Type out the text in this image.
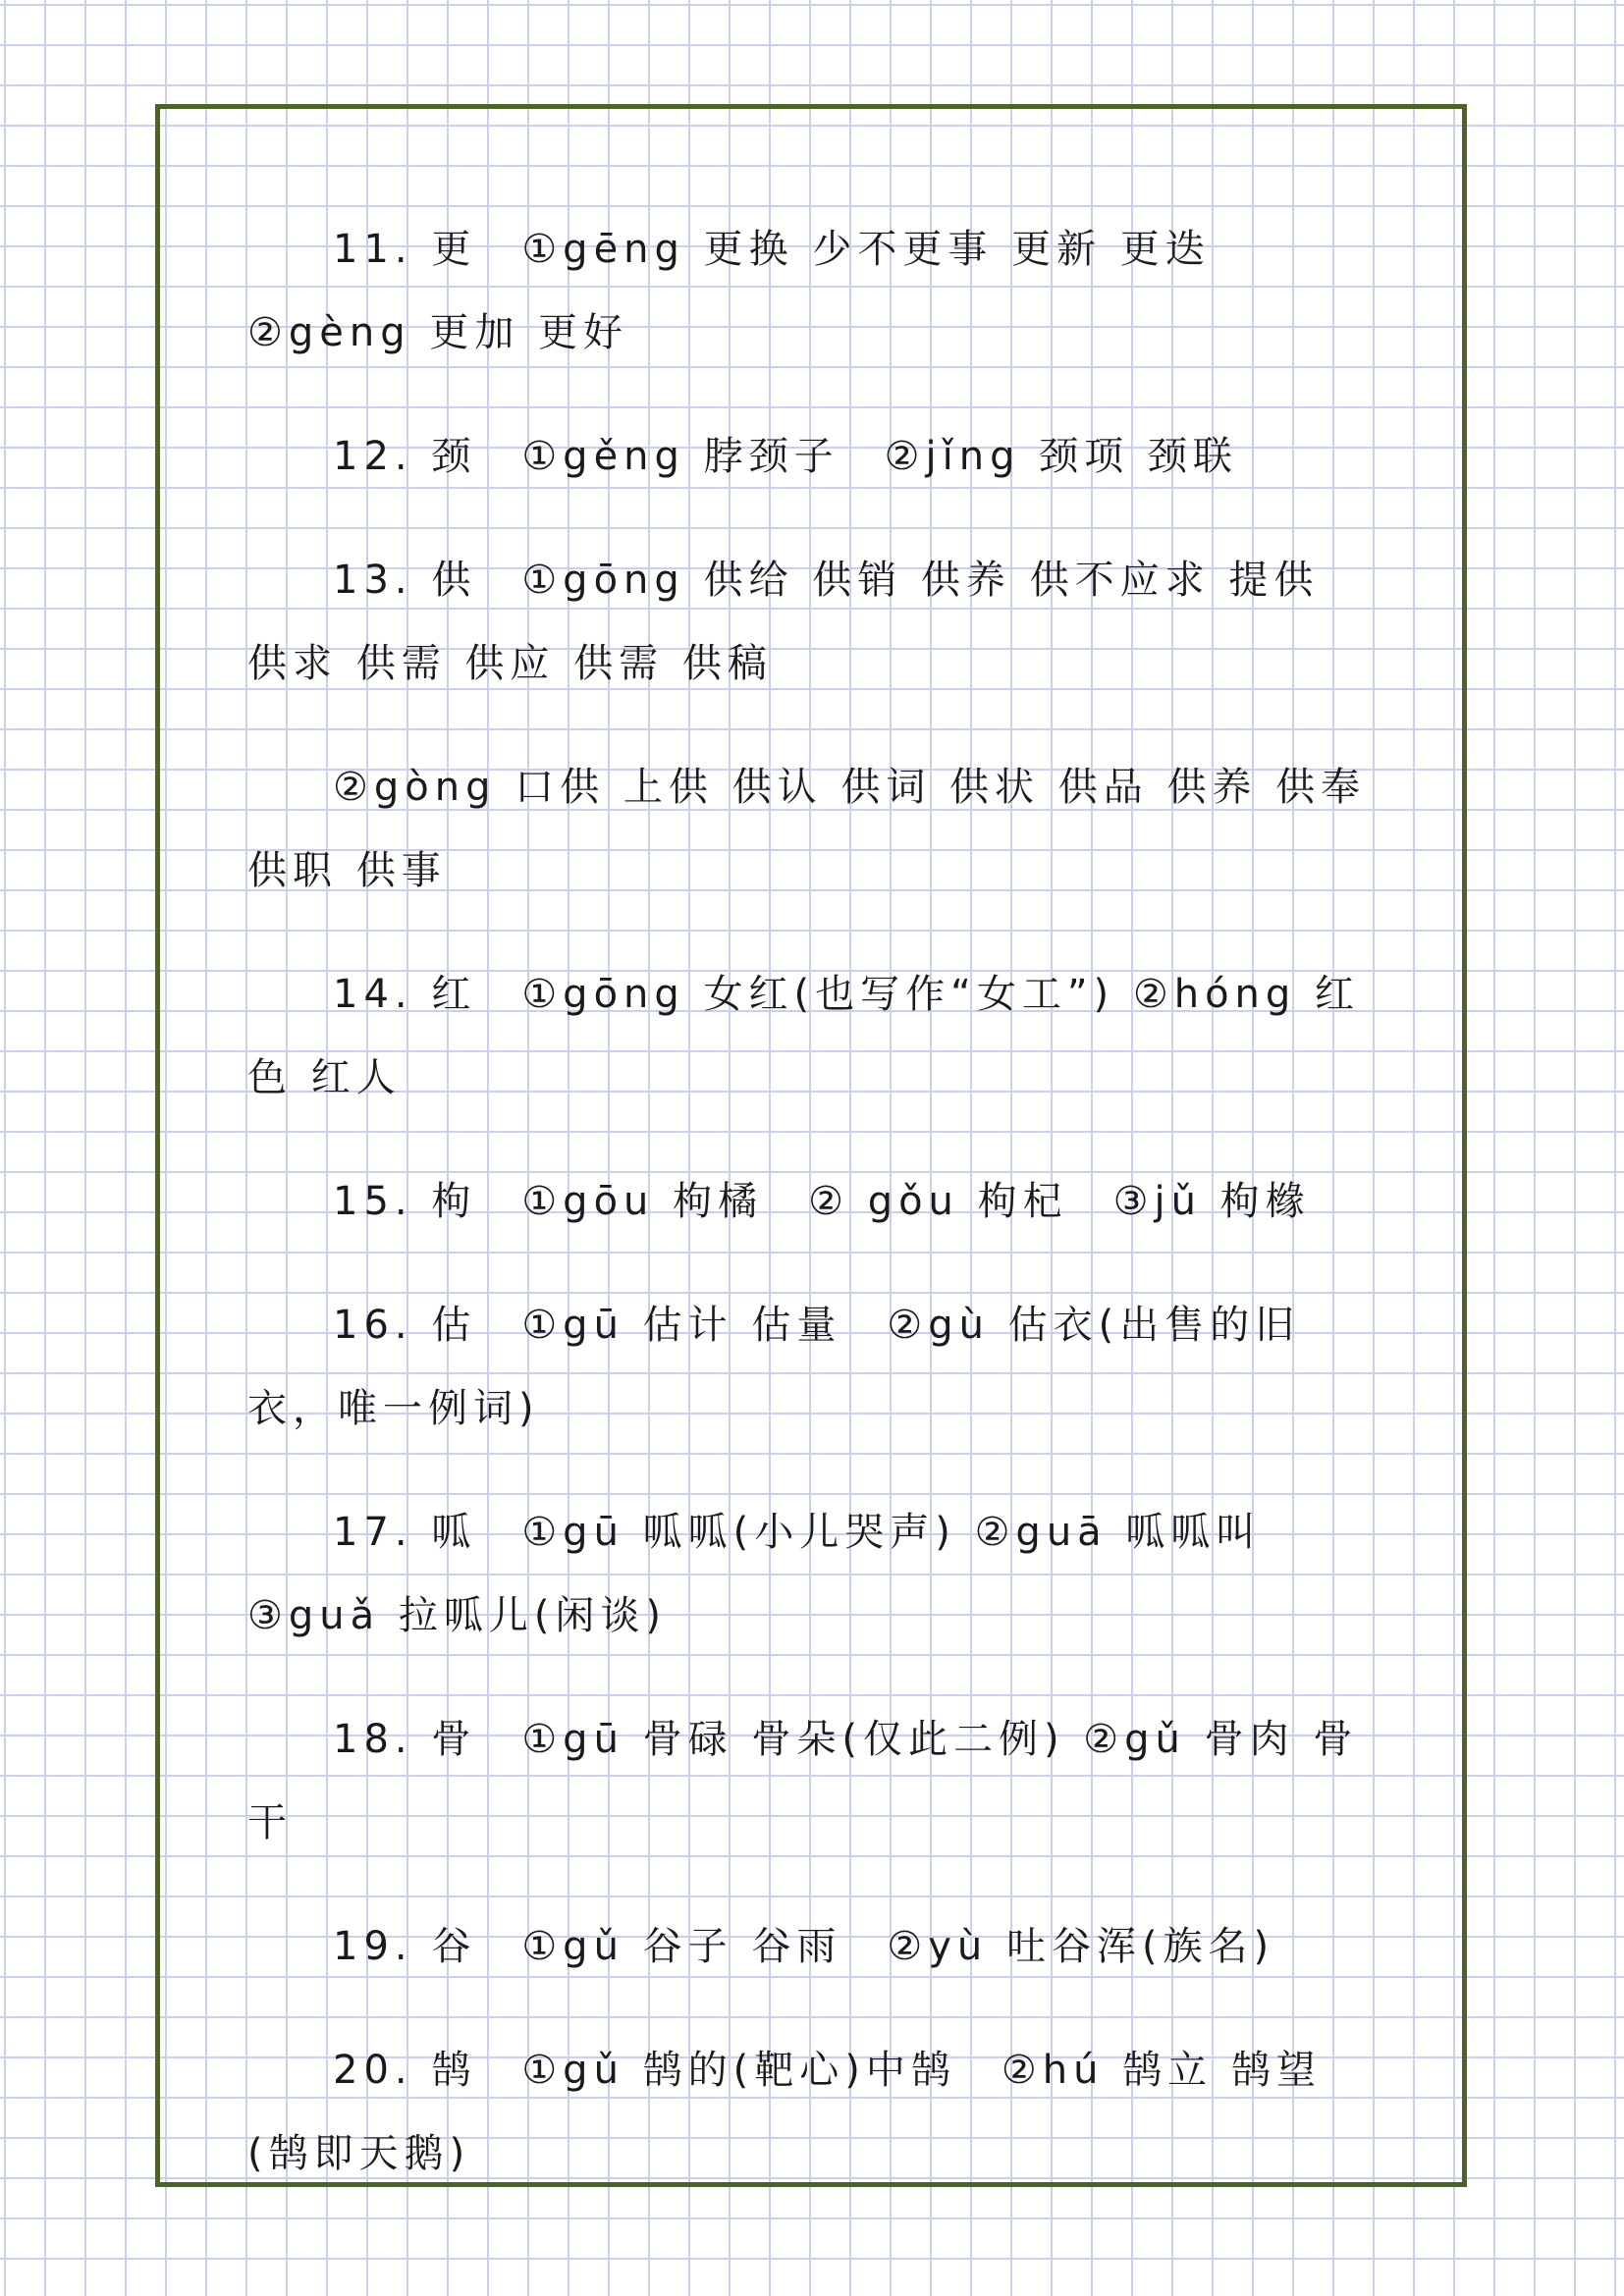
11. 更　①gēng 更换 少不更事 更新 更迭　②gèng 更加 更好

12. 颈　①gěng 脖颈子　②jǐng 颈项 颈联

13. 供　①gōng 供给 供销 供养 供不应求 提供 供求 供需 供应 供需 供稿

②gòng 口供 上供 供认 供词 供状 供品 供养 供奉 供职 供事

14. 红　①gōng 女红(也写作“女工”) ②hóng 红色 红人

15. 枸　①gōu 枸橘　② gǒu 枸杞　③jǔ 枸橼

16. 估　①gū 估计 估量　②gù 估衣(出售的旧衣，唯一例词)

17. 呱　①gū 呱呱(小儿哭声) ②guā 呱呱叫　③guǎ 拉呱儿(闲谈)

18. 骨　①gū 骨碌 骨朵(仅此二例) ②gǔ 骨肉 骨干

19. 谷　①gǔ 谷子 谷雨　②yù 吐谷浑(族名)

20. 鹄　①gǔ 鹄的(靶心)中鹄　②hú 鹄立 鹄望(鹄即天鹅)
